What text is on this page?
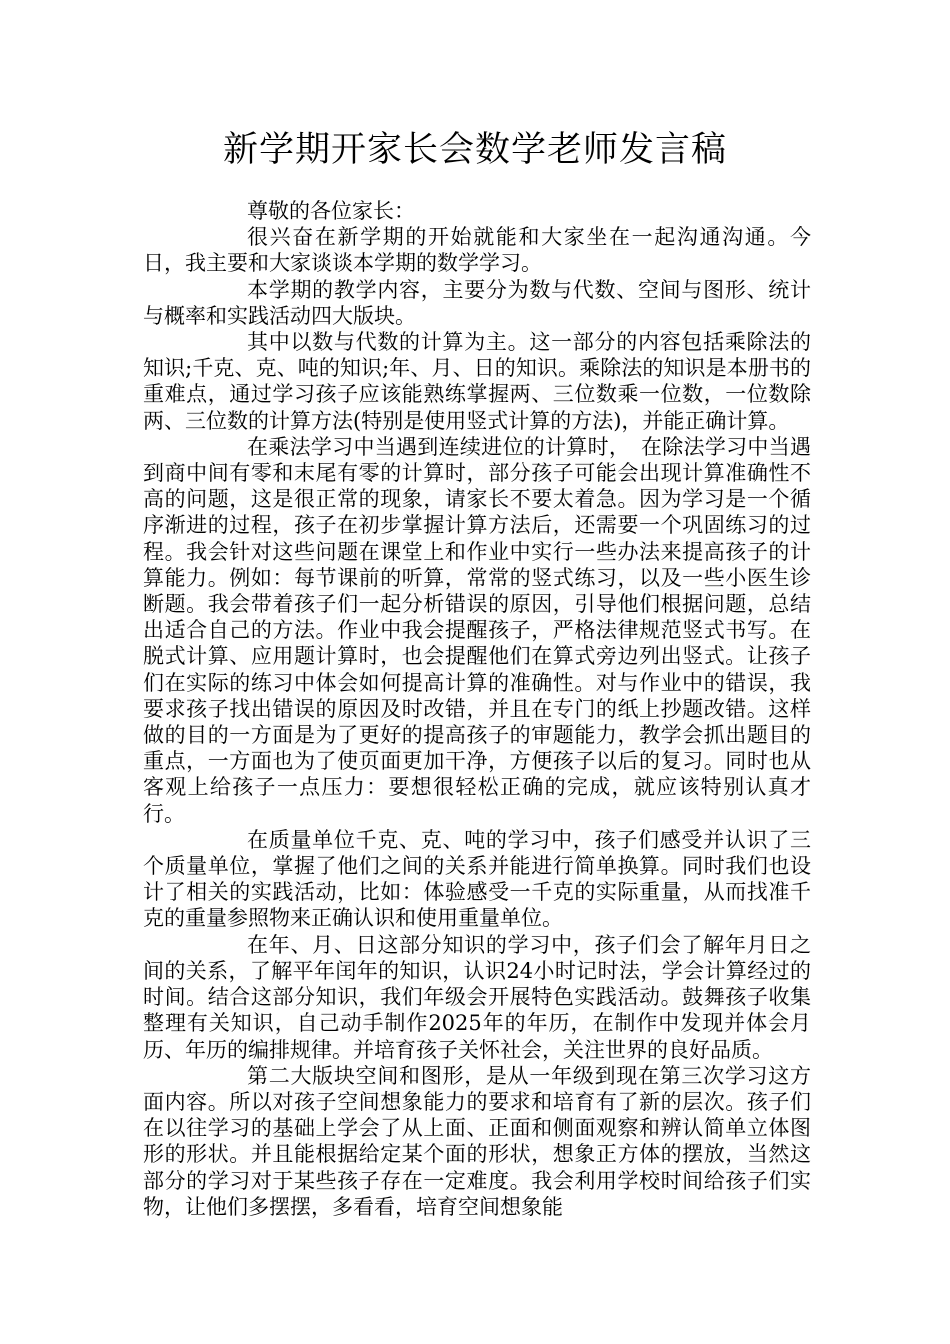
新学期开家长会数学老师发言稿

尊敬的各位家长：

很兴奋在新学期的开始就能和大家坐在一起沟通沟通。今日，我主要和大家谈谈本学期的数学学习。

本学期的教学内容，主要分为数与代数、空间与图形、统计与概率和实践活动四大版块。

其中以数与代数的计算为主。这一部分的内容包括乘除法的知识;千克、克、吨的知识;年、月、日的知识。乘除法的知识是本册书的重难点，通过学习孩子应该能熟练掌握两、三位数乘一位数，一位数除两、三位数的计算方法(特别是使用竖式计算的方法)，并能正确计算。

在乘法学习中当遇到连续进位的计算时，　在除法学习中当遇到商中间有零和末尾有零的计算时，部分孩子可能会出现计算准确性不高的问题，这是很正常的现象，请家长不要太着急。因为学习是一个循序渐进的过程，孩子在初步掌握计算方法后，还需要一个巩固练习的过程。我会针对这些问题在课堂上和作业中实行一些办法来提高孩子的计算能力。例如：每节课前的听算，常常的竖式练习，以及一些小医生诊断题。我会带着孩子们一起分析错误的原因，引导他们根据问题，总结出适合自己的方法。作业中我会提醒孩子，严格法律规范竖式书写。在脱式计算、应用题计算时，也会提醒他们在算式旁边列出竖式。让孩子们在实际的练习中体会如何提高计算的准确性。对与作业中的错误，我要求孩子找出错误的原因及时改错，并且在专门的纸上抄题改错。这样做的目的一方面是为了更好的提高孩子的审题能力，教学会抓出题目的重点，一方面也为了使页面更加干净，方便孩子以后的复习。同时也从客观上给孩子一点压力：要想很轻松正确的完成，就应该特别认真才行。

在质量单位千克、克、吨的学习中，孩子们感受并认识了三个质量单位，掌握了他们之间的关系并能进行简单换算。同时我们也设计了相关的实践活动，比如：体验感受一千克的实际重量，从而找准千克的重量参照物来正确认识和使用重量单位。

在年、月、日这部分知识的学习中，孩子们会了解年月日之间的关系，了解平年闰年的知识，认识24小时记时法，学会计算经过的时间。结合这部分知识，我们年级会开展特色实践活动。鼓舞孩子收集整理有关知识，自己动手制作2025年的年历，在制作中发现并体会月历、年历的编排规律。并培育孩子关怀社会，关注世界的良好品质。

第二大版块空间和图形，是从一年级到现在第三次学习这方面内容。所以对孩子空间想象能力的要求和培育有了新的层次。孩子们在以往学习的基础上学会了从上面、正面和侧面观察和辨认简单立体图形的形状。并且能根据给定某个面的形状，想象正方体的摆放，当然这部分的学习对于某些孩子存在一定难度。我会利用学校时间给孩子们实物，让他们多摆摆，多看看，培育空间想象能
